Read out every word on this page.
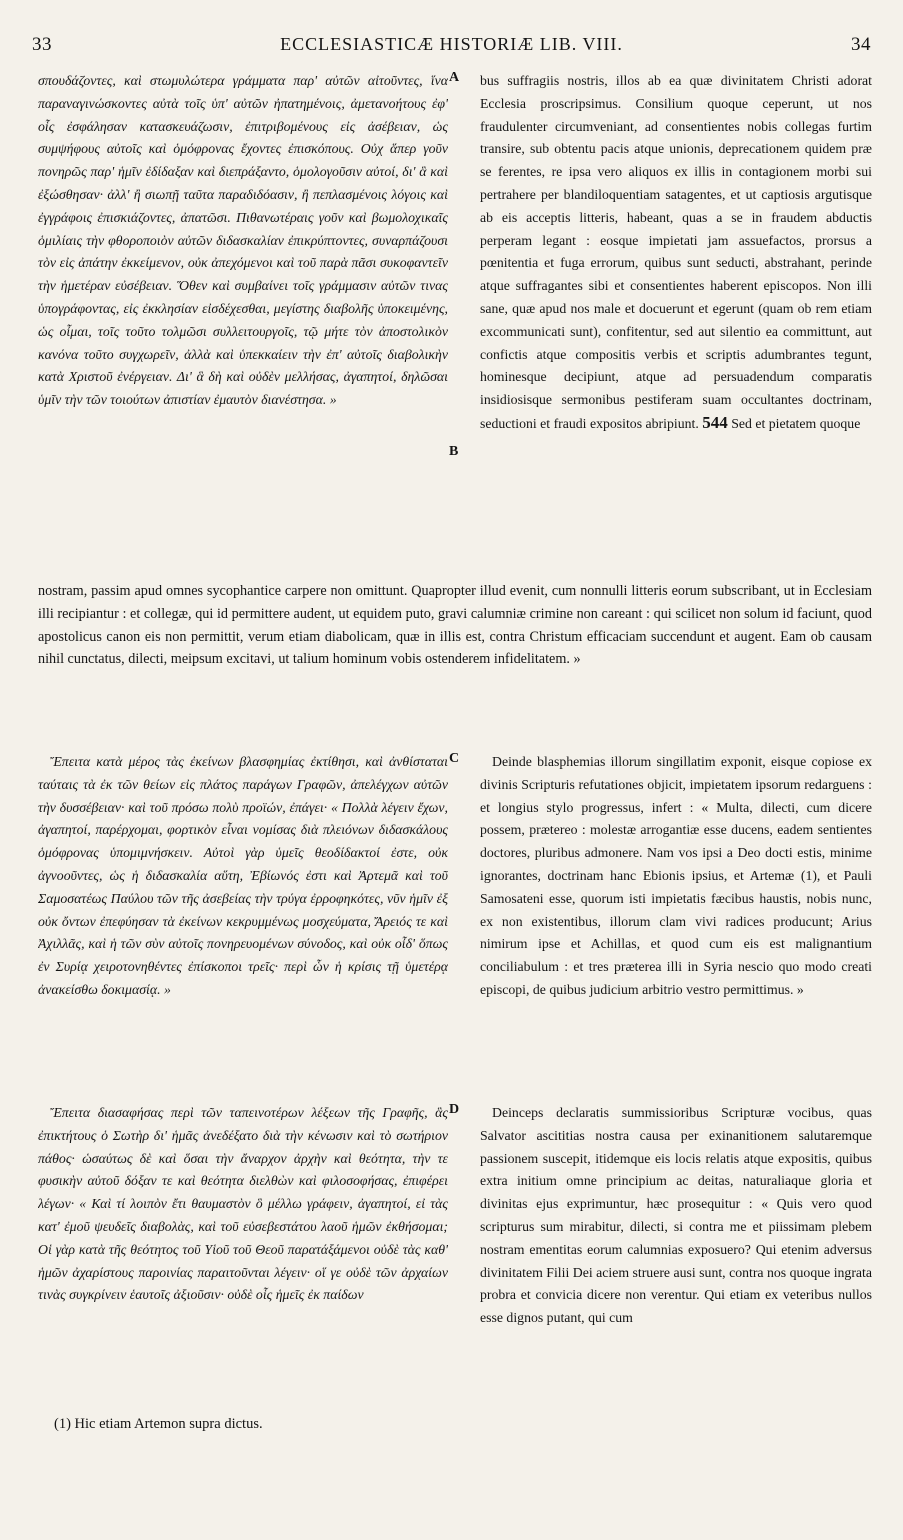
33	ECCLESIASTICÆ HISTORIÆ LIB. VIII.	34
A
B
C
D

σπουδάζοντες, καὶ στωμυλώτερα γράμματα παρ' αὐτῶν αἰτοῦντες, ἵνα παραναγινώσκοντες αὐτὰ τοῖς ὑπ' αὐτῶν ἠπατημένοις, ἀμετανοήτους ἐφ' οἷς ἐσφάλησαν κατασκευάζωσιν, ἐπιτριβομένους εἰς ἀσέβειαν, ὡς συμψήφους αὐτοῖς καὶ ὁμόφρονας ἔχοντες ἐπισκόπους. Οὐχ ἅπερ γοῦν πονηρῶς παρ' ἡμῖν ἐδίδαξαν καὶ διεπράξαντο, ὁμολογοῦσιν αὐτοί, δι' ἃ καὶ ἐξώσθησαν· ἀλλ' ἢ σιωπῇ ταῦτα παραδιδόασιν, ἢ πεπλασμένοις λόγοις καὶ ἐγγράφοις ἐπισκιάζοντες, ἀπατῶσι. Πιθανωτέραις γοῦν καὶ βωμολοχικαῖς ὁμιλίαις τὴν φθοροποιὸν αὐτῶν διδασκαλίαν ἐπικρύπτοντες, συναρπάζουσι τὸν εἰς ἀπάτην ἐκκείμενον, οὐκ ἀπεχόμενοι καὶ τοῦ παρὰ πᾶσι συκοφαντεῖν τὴν ἡμετέραν εὐσέβειαν. Ὅθεν καὶ συμβαίνει τοῖς γράμμασιν αὐτῶν τινας ὑπογράφοντας, εἰς ἐκκλησίαν εἰσδέχεσθαι, μεγίστης διαβολῆς ὑποκειμένης, ὡς οἶμαι, τοῖς τοῦτο τολμῶσι συλλειτουργοῖς, τῷ μήτε τὸν ἀποστολικὸν κανόνα τοῦτο συγχωρεῖν, ἀλλὰ καὶ ὑπεκκαίειν τὴν ἐπ' αὐτοῖς διαβολικὴν κατὰ Χριστοῦ ἐνέργειαν. Δι' ἃ δὴ καὶ οὐδὲν μελλήσας, ἀγαπητοί, δηλῶσαι ὑμῖν τὴν τῶν τοιούτων ἀπιστίαν ἐμαυτὸν διανέστησα. »

bus suffragiis nostris, illos ab ea quæ divinitatem Christi adorat Ecclesia proscripsimus. Consilium quoque ceperunt, ut nos fraudulenter circumveniant, ad consentientes nobis collegas furtim transire, sub obtentu pacis atque unionis, deprecationem quidem præ se ferentes, re ipsa vero aliquos ex illis in contagionem morbi sui pertrahere per blandiloquentiam satagentes, et ut captiosis argutisque ab eis acceptis litteris, habeant, quas a se in fraudem abductis perperam legant : eosque impietati jam assuefactos, prorsus a pœnitentia et fuga errorum, quibus sunt seducti, abstrahant, perinde atque suffragantes sibi et consentientes haberent episcopos. Non illi sane, quæ apud nos male et docuerunt et egerunt (quam ob rem etiam excommunicati sunt), confitentur, sed aut silentio ea committunt, aut confictis atque compositis verbis et scriptis adumbrantes tegunt, hominesque decipiunt, atque ad persuadendum comparatis insidiosisque sermonibus pestiferam suam occultantes doctrinam, seductioni et fraudi expositos abripiunt. 544 Sed et pietatem quoque

nostram, passim apud omnes sycophantice carpere non omittunt. Quapropter illud evenit, cum nonnulli litteris eorum subscribant, ut in Ecclesiam illi recipiantur : et collegæ, qui id permittere audent, ut equidem puto, gravi calumniæ crimine non careant : qui scilicet non solum id faciunt, quod apostolicus canon eis non permittit, verum etiam diabolicam, quæ in illis est, contra Christum efficaciam succendunt et augent. Eam ob causam nihil cunctatus, dilecti, meipsum excitavi, ut talium hominum vobis ostenderem infidelitatem. »

Ἔπειτα κατὰ μέρος τὰς ἐκείνων βλασφημίας ἐκτίθησι, καὶ ἀνθίσταται ταύταις τὰ ἐκ τῶν θείων εἰς πλάτος παράγων Γραφῶν, ἀπελέγχων αὐτῶν τὴν δυσσέβειαν· καὶ τοῦ πρόσω πολὺ προϊών, ἐπάγει· « Πολλὰ λέγειν ἔχων, ἀγαπητοί, παρέρχομαι, φορτικὸν εἶναι νομίσας διὰ πλειόνων διδασκάλους ὁμόφρονας ὑπομιμνήσκειν. Αὐτοὶ γὰρ ὑμεῖς θεοδίδακτοί ἐστε, οὐκ ἀγνοοῦντες, ὡς ἡ διδασκαλία αὕτη, Ἐβίωνός ἐστι καὶ Ἀρτεμᾶ καὶ τοῦ Σαμοσατέως Παύλου τῶν τῆς ἀσεβείας τὴν τρύγα ἐρροφηκότες, νῦν ἡμῖν ἐξ οὐκ ὄντων ἐπεφύησαν τὰ ἐκείνων κεκρυμμένως μοσχεύματα, Ἄρειός τε καὶ Ἀχιλλᾶς, καὶ ἡ τῶν σὺν αὐτοῖς πονηρευομένων σύνοδος, καὶ οὐκ οἶδ' ὅπως ἐν Συρίᾳ χειροτονηθέντες ἐπίσκοποι τρεῖς· περὶ ὧν ἡ κρίσις τῇ ὑμετέρᾳ ἀνακείσθω δοκιμασίᾳ. »

Deinde blasphemias illorum singillatim exponit, eisque copiose ex divinis Scripturis refutationes objicit, impietatem ipsorum redarguens : et longius stylo progressus, infert : « Multa, dilecti, cum dicere possem, prætereo : molestæ arrogantiæ esse ducens, eadem sentientes doctores, pluribus admonere. Nam vos ipsi a Deo docti estis, minime ignorantes, doctrinam hanc Ebionis ipsius, et Artemæ (1), et Pauli Samosateni esse, quorum isti impietatis fæcibus haustis, nobis nunc, ex non existentibus, illorum clam vivi radices producunt; Arius nimirum ipse et Achillas, et quod cum eis est malignantium conciliabulum : et tres præterea illi in Syria nescio quo modo creati episcopi, de quibus judicium arbitrio vestro permittimus. »

Ἔπειτα διασαφήσας περὶ τῶν ταπεινοτέρων λέξεων τῆς Γραφῆς, ἃς ἐπικτήτους ὁ Σωτὴρ δι' ἡμᾶς ἀνεδέξατο διὰ τὴν κένωσιν καὶ τὸ σωτήριον πάθος· ὡσαύτως δὲ καὶ ὅσαι τὴν ἄναρχον ἀρχὴν καὶ θεότητα, τὴν τε φυσικὴν αὐτοῦ δόξαν τε καὶ θεότητα διελθὼν καὶ φιλοσοφήσας, ἐπιφέρει λέγων· « Καὶ τί λοιπὸν ἔτι θαυμαστὸν ὃ μέλλω γράφειν, ἀγαπητοί, εἰ τὰς κατ' ἐμοῦ ψευδεῖς διαβολὰς, καὶ τοῦ εὐσεβεστάτου λαοῦ ἡμῶν ἐκθήσομαι; Οἱ γὰρ κατὰ τῆς θεότητος τοῦ Υἱοῦ τοῦ Θεοῦ παρατάξάμενοι οὐδὲ τὰς καθ' ἡμῶν ἀχαρίστους παροινίας παραιτοῦνται λέγειν· οἵ γε οὐδὲ τῶν ἀρχαίων τινὰς συγκρίνειν ἑαυτοῖς ἀξιοῦσιν· οὐδὲ οἷς ἡμεῖς ἐκ παίδων

Deinceps declaratis summissioribus Scripturæ vocibus, quas Salvator ascititias nostra causa per exinanitionem salutaremque passionem suscepit, itidemque eis locis relatis atque expositis, quibus extra initium omne principium ac deitas, naturaliaque gloria et divinitas ejus exprimuntur, hæc prosequitur : « Quis vero quod scripturus sum mirabitur, dilecti, si contra me et piissimam plebem nostram ementitas eorum calumnias exposuero? Qui etenim adversus divinitatem Filii Dei aciem struere ausi sunt, contra nos quoque ingrata probra et convicia dicere non verentur. Qui etiam ex veteribus nullos esse dignos putant, qui cum

(1) Hic etiam Artemon supra dictus.
